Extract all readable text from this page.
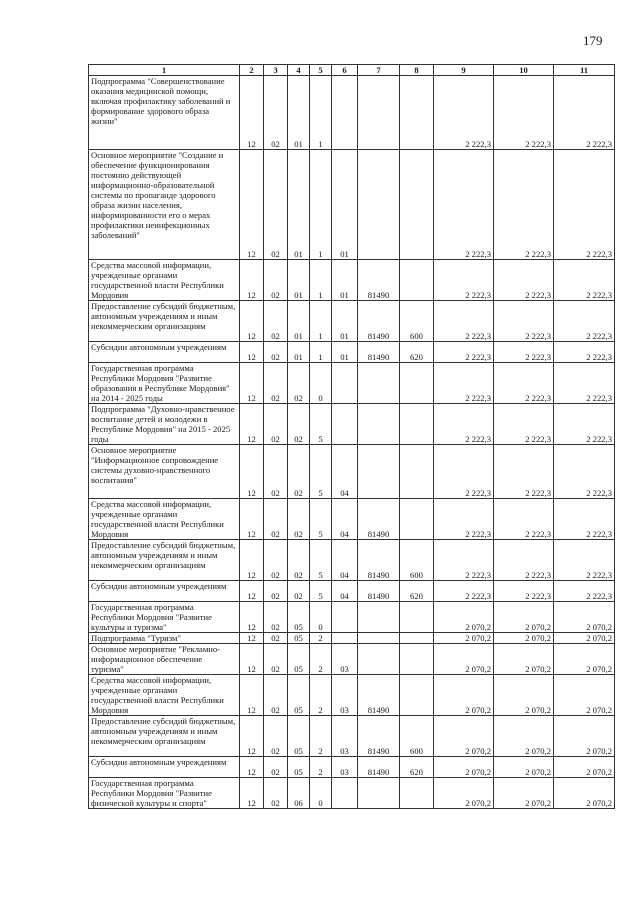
179
1	2	3	4	5	6	7	8	9	10	11
Подпрограмма "Совершенствование оказания медицинской помощи, включая профилактику заболеваний и формирование здорового образа жизни"	12	02	01	1				2 222,3	2 222,3	2 222,3
Основное мероприятие "Создание и обеспечение функционирования постоянно действующей информационно-образовательной системы по пропаганде здорового образа жизни населения, информированности его о мерах профилактики неинфекционных заболеваний"	12	02	01	1	01			2 222,3	2 222,3	2 222,3
Средства массовой информации, учрежденные органами государственной власти Республики Мордовия	12	02	01	1	01	81490		2 222,3	2 222,3	2 222,3
Предоставление субсидий бюджетным, автономным учреждениям и иным некоммерческим организациям	12	02	01	1	01	81490	600	2 222,3	2 222,3	2 222,3
Субсидии автономным учреждениям	12	02	01	1	01	81490	620	2 222,3	2 222,3	2 222,3
Государственная программа Республики Мордовия "Развитие образования в Республике Мордовия" на 2014 - 2025 годы	12	02	02	0				2 222,3	2 222,3	2 222,3
Подпрограмма "Духовно-нравственное воспитание детей и молодежи в Республике Мордовия" на 2015 - 2025 годы	12	02	02	5				2 222,3	2 222,3	2 222,3
Основное мероприятие "Информационное сопровождение системы духовно-нравственного воспитания"	12	02	02	5	04			2 222,3	2 222,3	2 222,3
Средства массовой информации, учрежденные органами государственной власти Республики Мордовия	12	02	02	5	04	81490		2 222,3	2 222,3	2 222,3
Предоставление субсидий бюджетным, автономным учреждениям и иным некоммерческим организациям	12	02	02	5	04	81490	600	2 222,3	2 222,3	2 222,3
Субсидии автономным учреждениям	12	02	02	5	04	81490	620	2 222,3	2 222,3	2 222,3
Государственная программа Республики Мордовия "Развитие культуры и туризма"	12	02	05	0				2 070,2	2 070,2	2 070,2
Подпрограмма "Туризм"	12	02	05	2				2 070,2	2 070,2	2 070,2
Основное мероприятие "Рекламно-информационное обеспечение туризма"	12	02	05	2	03			2 070,2	2 070,2	2 070,2
Средства массовой информации, учрежденные органами государственной власти Республики Мордовия	12	02	05	2	03	81490		2 070,2	2 070,2	2 070,2
Предоставление субсидий бюджетным, автономным учреждениям и иным некоммерческим организациям	12	02	05	2	03	81490	600	2 070,2	2 070,2	2 070,2
Субсидии автономным учреждениям	12	02	05	2	03	81490	620	2 070,2	2 070,2	2 070,2
Государственная программа Республики Мордовия "Развитие физической культуры и спорта"	12	02	06	0				2 070,2	2 070,2	2 070,2
